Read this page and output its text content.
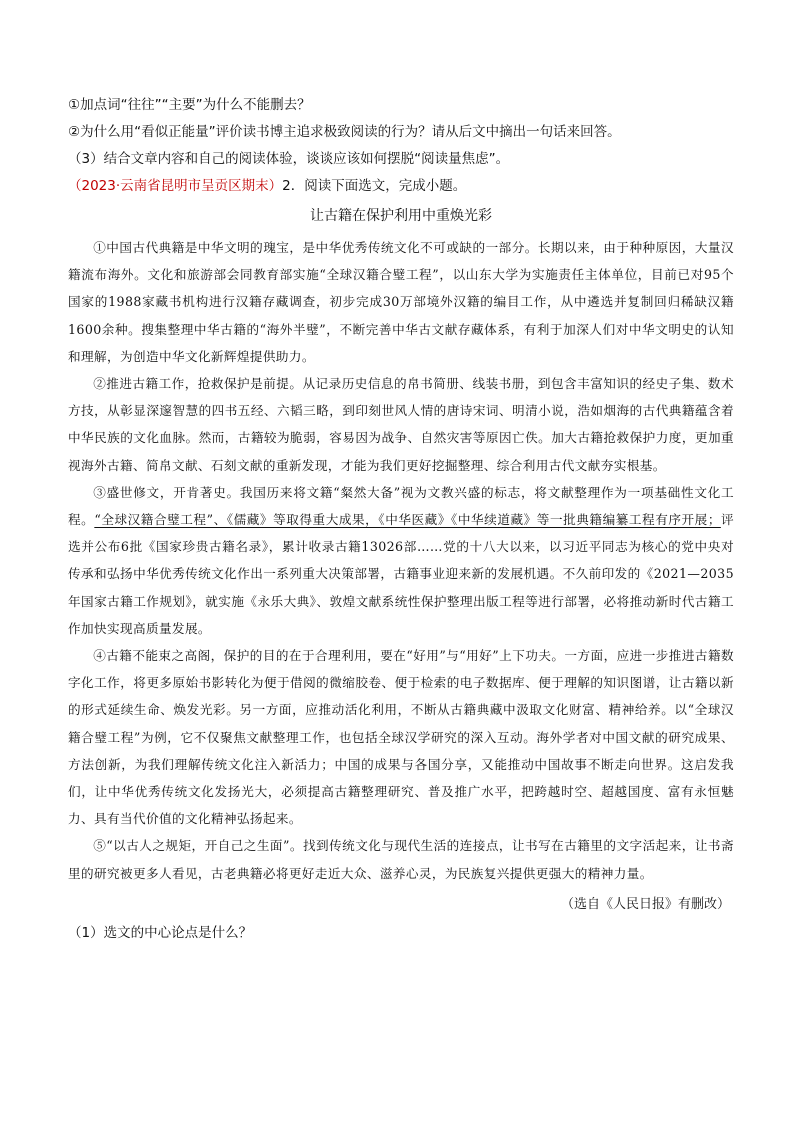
①加点词“往往”“主要”为什么不能删去？

②为什么用“看似正能量”评价读书博主追求极致阅读的行为？请从后文中摘出一句话来回答。

（3）结合文章内容和自己的阅读体验，谈谈应该如何摆脱“阅读量焦虑”。

（2023·云南省昆明市呈贡区期末）2．阅读下面选文，完成小题。

让古籍在保护利用中重焕光彩

①中国古代典籍是中华文明的瑰宝，是中华优秀传统文化不可或缺的一部分。长期以来，由于种种原因，大量汉籍流布海外。文化和旅游部会同教育部实施“全球汉籍合璧工程”，以山东大学为实施责任主体单位，目前已对95个国家的1988家藏书机构进行汉籍存藏调查，初步完成30万部境外汉籍的编目工作，从中遴选并复制回归稀缺汉籍1600余种。搜集整理中华古籍的“海外半璧”，不断完善中华古文献存藏体系，有利于加深人们对中华文明史的认知和理解，为创造中华文化新辉煌提供助力。

②推进古籍工作，抢救保护是前提。从记录历史信息的帛书简册、线装书册，到包含丰富知识的经史子集、数术方技，从彰显深邃智慧的四书五经、六韬三略，到印刻世风人情的唐诗宋词、明清小说，浩如烟海的古代典籍蕴含着中华民族的文化血脉。然而，古籍较为脆弱，容易因为战争、自然灾害等原因亡佚。加大古籍抢救保护力度，更加重视海外古籍、简帛文献、石刻文献的重新发现，才能为我们更好挖掘整理、综合利用古代文献夯实根基。

③盛世修文，开肯著史。我国历来将文籍“粲然大备”视为文教兴盛的标志，将文献整理作为一项基础性文化工程。“全球汉籍合璧工程”、《儒藏》等取得重大成果，《中华医藏》《中华续道藏》等一批典籍编纂工程有序开展；评选并公布6批《国家珍贵古籍名录》，累计收录古籍13026部……党的十八大以来，以习近平同志为核心的党中央对传承和弘扬中华优秀传统文化作出一系列重大决策部署，古籍事业迎来新的发展机遇。不久前印发的《2021—2035年国家古籍工作规划》，就实施《永乐大典》、敦煌文献系统性保护整理出版工程等进行部署，必将推动新时代古籍工作加快实现高质量发展。

④古籍不能束之高阁，保护的目的在于合理利用，要在“好用”与“用好”上下功夫。一方面，应进一步推进古籍数字化工作，将更多原始书影转化为便于借阅的微缩胶卷、便于检索的电子数据库、便于理解的知识图谱，让古籍以新的形式延续生命、焕发光彩。另一方面，应推动活化利用，不断从古籍典藏中汲取文化财富、精神给养。以“全球汉籍合璧工程”为例，它不仅聚焦文献整理工作，也包括全球汉学研究的深入互动。海外学者对中国文献的研究成果、方法创新，为我们理解传统文化注入新活力；中国的成果与各国分享，又能推动中国故事不断走向世界。这启发我们，让中华优秀传统文化发扬光大，必须提高古籍整理研究、普及推广水平，把跨越时空、超越国度、富有永恒魅力、具有当代价值的文化精神弘扬起来。

⑤“以古人之规矩，开自己之生面”。找到传统文化与现代生活的连接点，让书写在古籍里的文字活起来，让书斋里的研究被更多人看见，古老典籍必将更好走近大众、滋养心灵，为民族复兴提供更强大的精神力量。

（选自《人民日报》有删改）

（1）选文的中心论点是什么？
